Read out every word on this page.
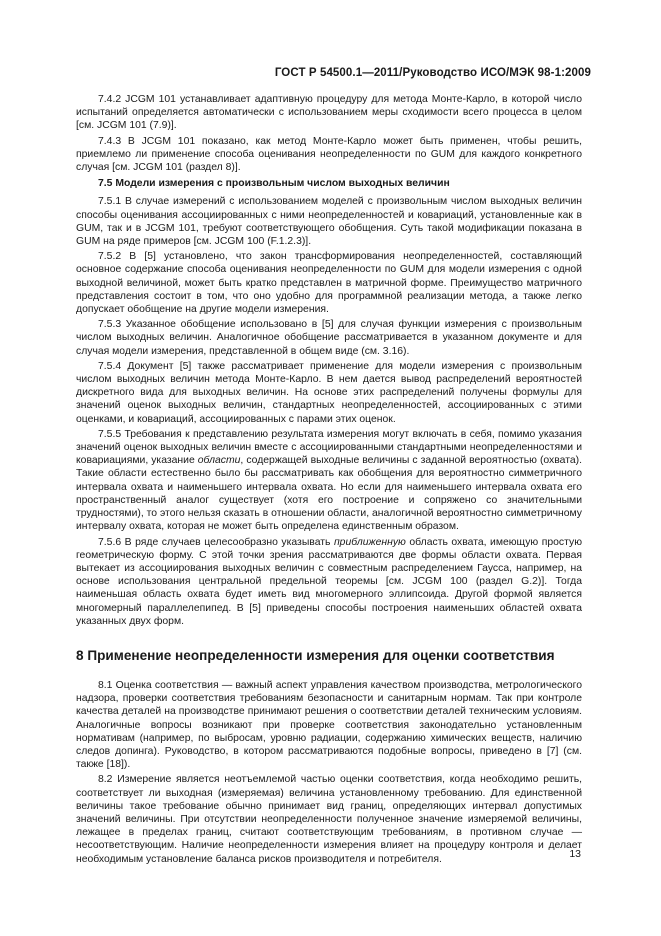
ГОСТ Р 54500.1—2011/Руководство ИСО/МЭК 98-1:2009

7.4.2 JCGM 101 устанавливает адаптивную процедуру для метода Монте-Карло, в которой число испытаний определяется автоматически с использованием меры сходимости всего процесса в целом [см. JCGM 101 (7.9)].

7.4.3 В JCGM 101 показано, как метод Монте-Карло может быть применен, чтобы решить, приемлемо ли применение способа оценивания неопределенности по GUM для каждого конкретного случая [см. JCGM 101 (раздел 8)].

7.5 Модели измерения с произвольным числом выходных величин

7.5.1 В случае измерений с использованием моделей с произвольным числом выходных величин способы оценивания ассоциированных с ними неопределенностей и ковариаций, установленные как в GUM, так и в JCGM 101, требуют соответствующего обобщения. Суть такой модификации показана в GUM на ряде примеров [см. JCGM 100 (F.1.2.3)].

7.5.2 В [5] установлено, что закон трансформирования неопределенностей, составляющий основное содержание способа оценивания неопределенности по GUM для модели измерения с одной выходной величиной, может быть кратко представлен в матричной форме. Преимущество матричного представления состоит в том, что оно удобно для программной реализации метода, а также легко допускает обобщение на другие модели измерения.

7.5.3 Указанное обобщение использовано в [5] для случая функции измерения с произвольным числом выходных величин. Аналогичное обобщение рассматривается в указанном документе и для случая модели измерения, представленной в общем виде (см. 3.16).

7.5.4 Документ [5] также рассматривает применение для модели измерения с произвольным числом выходных величин метода Монте-Карло. В нем дается вывод распределений вероятностей дискретного вида для выходных величин. На основе этих распределений получены формулы для значений оценок выходных величин, стандартных неопределенностей, ассоциированных с этими оценками, и ковариаций, ассоциированных с парами этих оценок.

7.5.5 Требования к представлению результата измерения могут включать в себя, помимо указания значений оценок выходных величин вместе с ассоциированными стандартными неопределенностями и ковариациями, указание области, содержащей выходные величины с заданной вероятностью (охвата). Такие области естественно было бы рассматривать как обобщения для вероятностно симметричного интервала охвата и наименьшего интервала охвата. Но если для наименьшего интервала охвата его пространственный аналог существует (хотя его построение и сопряжено со значительными трудностями), то этого нельзя сказать в отношении области, аналогичной вероятностно симметричному интервалу охвата, которая не может быть определена единственным образом.

7.5.6 В ряде случаев целесообразно указывать приближенную область охвата, имеющую простую геометрическую форму. С этой точки зрения рассматриваются две формы области охвата. Первая вытекает из ассоциирования выходных величин с совместным распределением Гаусса, например, на основе использования центральной предельной теоремы [см. JCGM 100 (раздел G.2)]. Тогда наименьшая область охвата будет иметь вид многомерного эллипсоида. Другой формой является многомерный параллелепипед. В [5] приведены способы построения наименьших областей охвата указанных двух форм.

8 Применение неопределенности измерения для оценки соответствия

8.1 Оценка соответствия — важный аспект управления качеством производства, метрологического надзора, проверки соответствия требованиям безопасности и санитарным нормам. Так при контроле качества деталей на производстве принимают решения о соответствии деталей техническим условиям. Аналогичные вопросы возникают при проверке соответствия законодательно установленным нормативам (например, по выбросам, уровню радиации, содержанию химических веществ, наличию следов допинга). Руководство, в котором рассматриваются подобные вопросы, приведено в [7] (см. также [18]).

8.2 Измерение является неотъемлемой частью оценки соответствия, когда необходимо решить, соответствует ли выходная (измеряемая) величина установленному требованию. Для единственной величины такое требование обычно принимает вид границ, определяющих интервал допустимых значений величины. При отсутствии неопределенности полученное значение измеряемой величины, лежащее в пределах границ, считают соответствующим требованиям, в противном случае — несоответствующим. Наличие неопределенности измерения влияет на процедуру контроля и делает необходимым установление баланса рисков производителя и потребителя.	13
